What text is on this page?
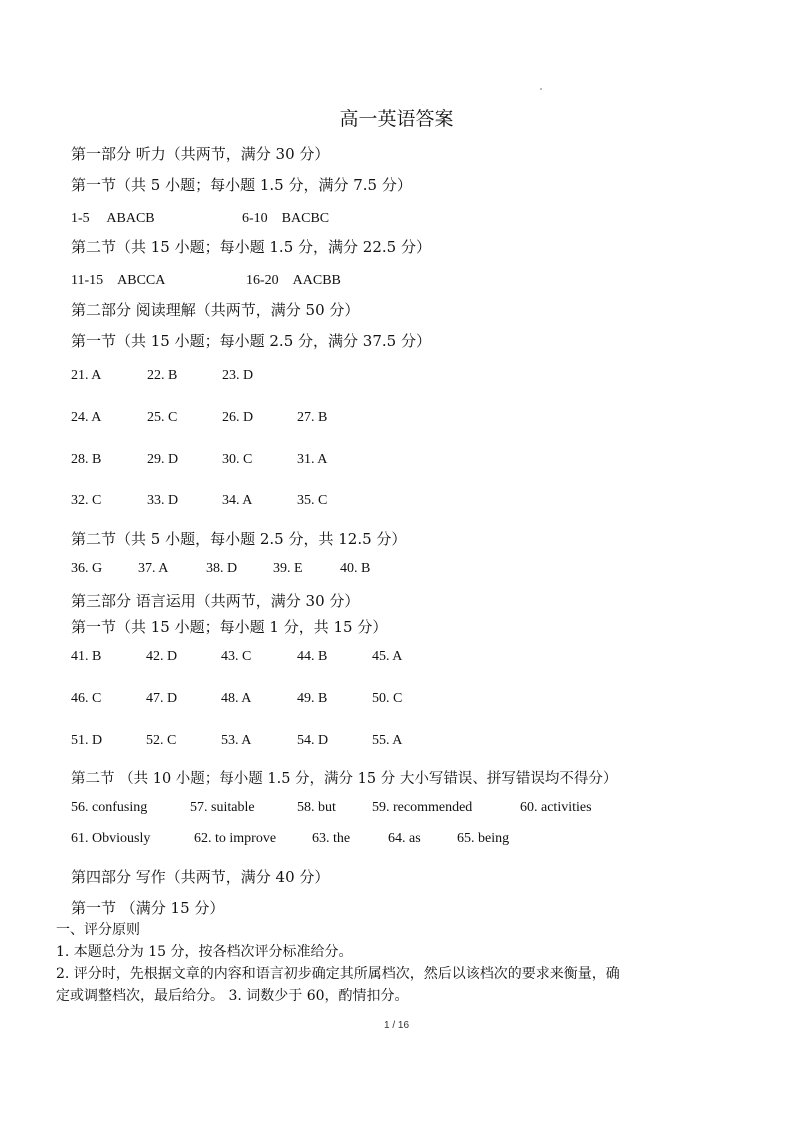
高一英语答案
第一部分 听力（共两节，满分 30 分）
第一节（共 5 小题；每小题 1.5 分，满分 7.5 分）
1-5　 ABACB	6-10　BACBC
第二节（共 15 小题；每小题 1.5 分，满分 22.5 分）
11-15　ABCCA	16-20　AACBB
第二部分 阅读理解（共两节，满分 50 分）
第一节（共 15 小题；每小题 2.5 分，满分 37.5 分）
21. A	22. B	23. D
24. A	25. C	26. D	27. B
28. B	29. D	30. C	31. A
32. C	33. D	34. A	35. C
第二节（共 5 小题，每小题 2.5 分，共 12.5 分）
36. G	37. A	38. D	39. E	40. B
第三部分 语言运用（共两节，满分 30 分）
第一节（共 15 小题；每小题 1 分，共 15 分）
41. B	42. D	43. C	44. B	45. A
46. C	47. D	48. A	49. B	50. C
51. D	52. C	53. A	54. D	55. A
第二节 （共 10 小题；每小题 1.5 分，满分 15 分 大小写错误、拼写错误均不得分）
56. confusing	57. suitable	58. but	59. recommended	60. activities
61. Obviously	62. to improve	63. the	64. as	65. being
第四部分 写作（共两节，满分 40 分）
第一节 （满分 15 分）
一、评分原则
1. 本题总分为 15 分，按各档次评分标准给分。
2. 评分时，先根据文章的内容和语言初步确定其所属档次，然后以该档次的要求来衡量，确
定或调整档次，最后给分。 3. 词数少于 60，酌情扣分。
1 / 16
